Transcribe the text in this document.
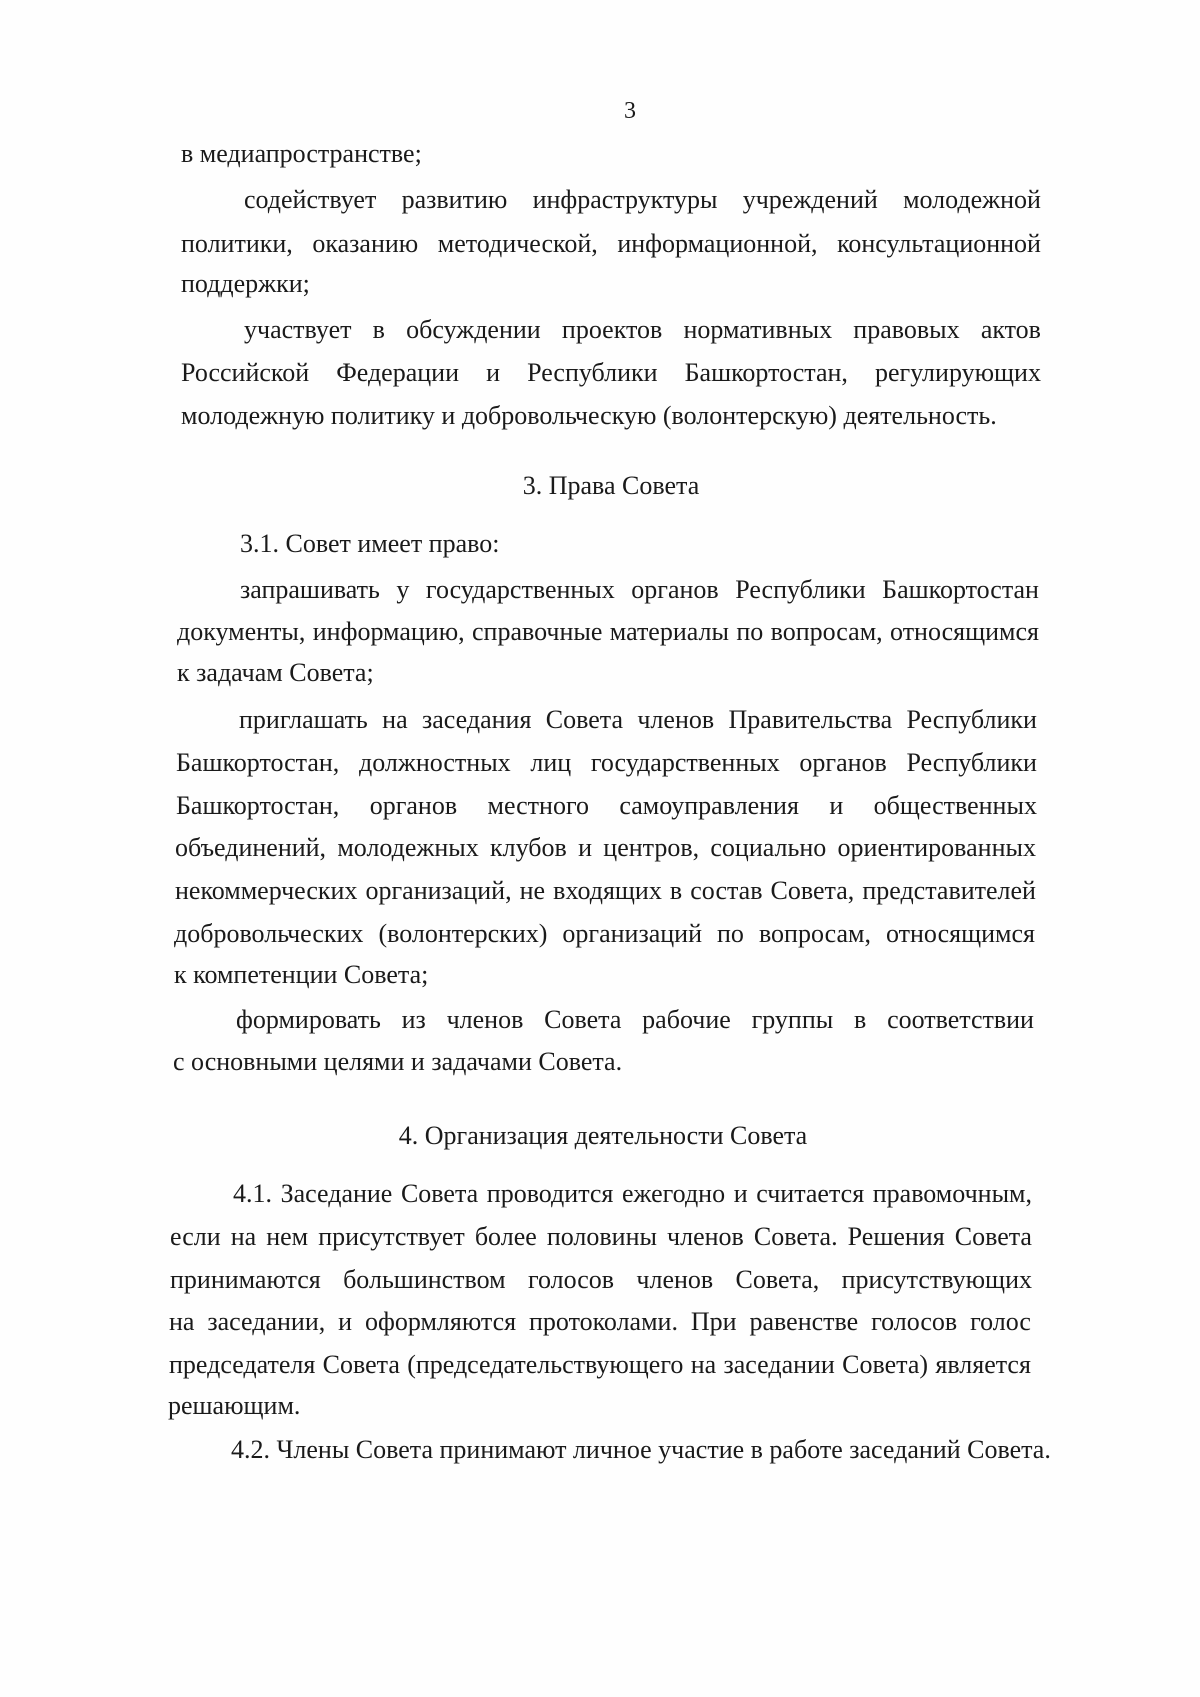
3
в медиапространстве;
содействует развитию инфраструктуры учреждений молодежной
политики, оказанию методической, информационной, консультационной
поддержки;
участвует в обсуждении проектов нормативных правовых актов
Российской Федерации и Республики Башкортостан, регулирующих
молодежную политику и добровольческую (волонтерскую) деятельность.
3. Права Совета
3.1. Совет имеет право:
запрашивать у государственных органов Республики Башкортостан
документы, информацию, справочные материалы по вопросам, относящимся
к задачам Совета;
приглашать на заседания Совета членов Правительства Республики
Башкортостан, должностных лиц государственных органов Республики
Башкортостан, органов местного самоуправления и общественных
объединений, молодежных клубов и центров, социально ориентированных
некоммерческих организаций, не входящих в состав Совета, представителей
добровольческих (волонтерских) организаций по вопросам, относящимся
к компетенции Совета;
формировать из членов Совета рабочие группы в соответствии
с основными целями и задачами Совета.
4. Организация деятельности Совета
4.1. Заседание Совета проводится ежегодно и считается правомочным,
если на нем присутствует более половины членов Совета. Решения Совета
принимаются большинством голосов членов Совета, присутствующих
на заседании, и оформляются протоколами. При равенстве голосов голос
председателя Совета (председательствующего на заседании Совета) является
решающим.
4.2. Члены Совета принимают личное участие в работе заседаний Совета.
